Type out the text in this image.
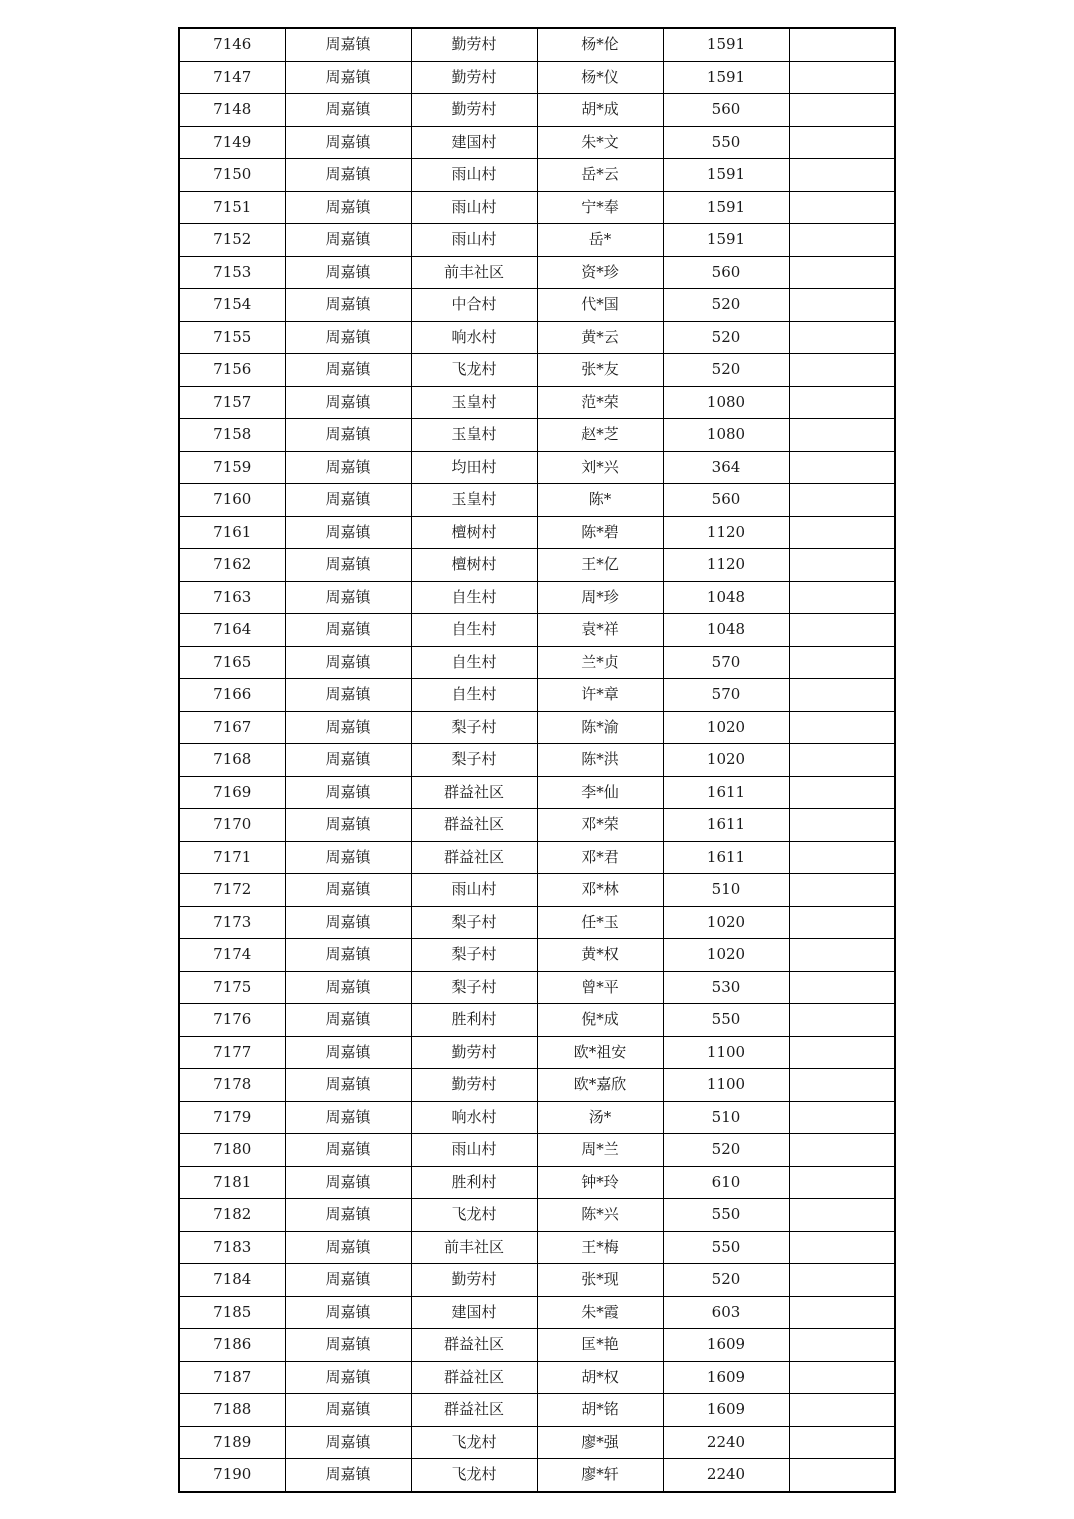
7146	周嘉镇	勤劳村	杨*伦	1591	
7147	周嘉镇	勤劳村	杨*仪	1591	
7148	周嘉镇	勤劳村	胡*成	560	
7149	周嘉镇	建国村	朱*文	550	
7150	周嘉镇	雨山村	岳*云	1591	
7151	周嘉镇	雨山村	宁*奉	1591	
7152	周嘉镇	雨山村	岳*	1591	
7153	周嘉镇	前丰社区	资*珍	560	
7154	周嘉镇	中合村	代*国	520	
7155	周嘉镇	响水村	黄*云	520	
7156	周嘉镇	飞龙村	张*友	520	
7157	周嘉镇	玉皇村	范*荣	1080	
7158	周嘉镇	玉皇村	赵*芝	1080	
7159	周嘉镇	均田村	刘*兴	364	
7160	周嘉镇	玉皇村	陈*	560	
7161	周嘉镇	檀树村	陈*碧	1120	
7162	周嘉镇	檀树村	王*亿	1120	
7163	周嘉镇	自生村	周*珍	1048	
7164	周嘉镇	自生村	袁*祥	1048	
7165	周嘉镇	自生村	兰*贞	570	
7166	周嘉镇	自生村	许*章	570	
7167	周嘉镇	梨子村	陈*渝	1020	
7168	周嘉镇	梨子村	陈*洪	1020	
7169	周嘉镇	群益社区	李*仙	1611	
7170	周嘉镇	群益社区	邓*荣	1611	
7171	周嘉镇	群益社区	邓*君	1611	
7172	周嘉镇	雨山村	邓*林	510	
7173	周嘉镇	梨子村	任*玉	1020	
7174	周嘉镇	梨子村	黄*权	1020	
7175	周嘉镇	梨子村	曾*平	530	
7176	周嘉镇	胜利村	倪*成	550	
7177	周嘉镇	勤劳村	欧*祖安	1100	
7178	周嘉镇	勤劳村	欧*嘉欣	1100	
7179	周嘉镇	响水村	汤*	510	
7180	周嘉镇	雨山村	周*兰	520	
7181	周嘉镇	胜利村	钟*玲	610	
7182	周嘉镇	飞龙村	陈*兴	550	
7183	周嘉镇	前丰社区	王*梅	550	
7184	周嘉镇	勤劳村	张*现	520	
7185	周嘉镇	建国村	朱*霞	603	
7186	周嘉镇	群益社区	匡*艳	1609	
7187	周嘉镇	群益社区	胡*权	1609	
7188	周嘉镇	群益社区	胡*铭	1609	
7189	周嘉镇	飞龙村	廖*强	2240	
7190	周嘉镇	飞龙村	廖*轩	2240	
